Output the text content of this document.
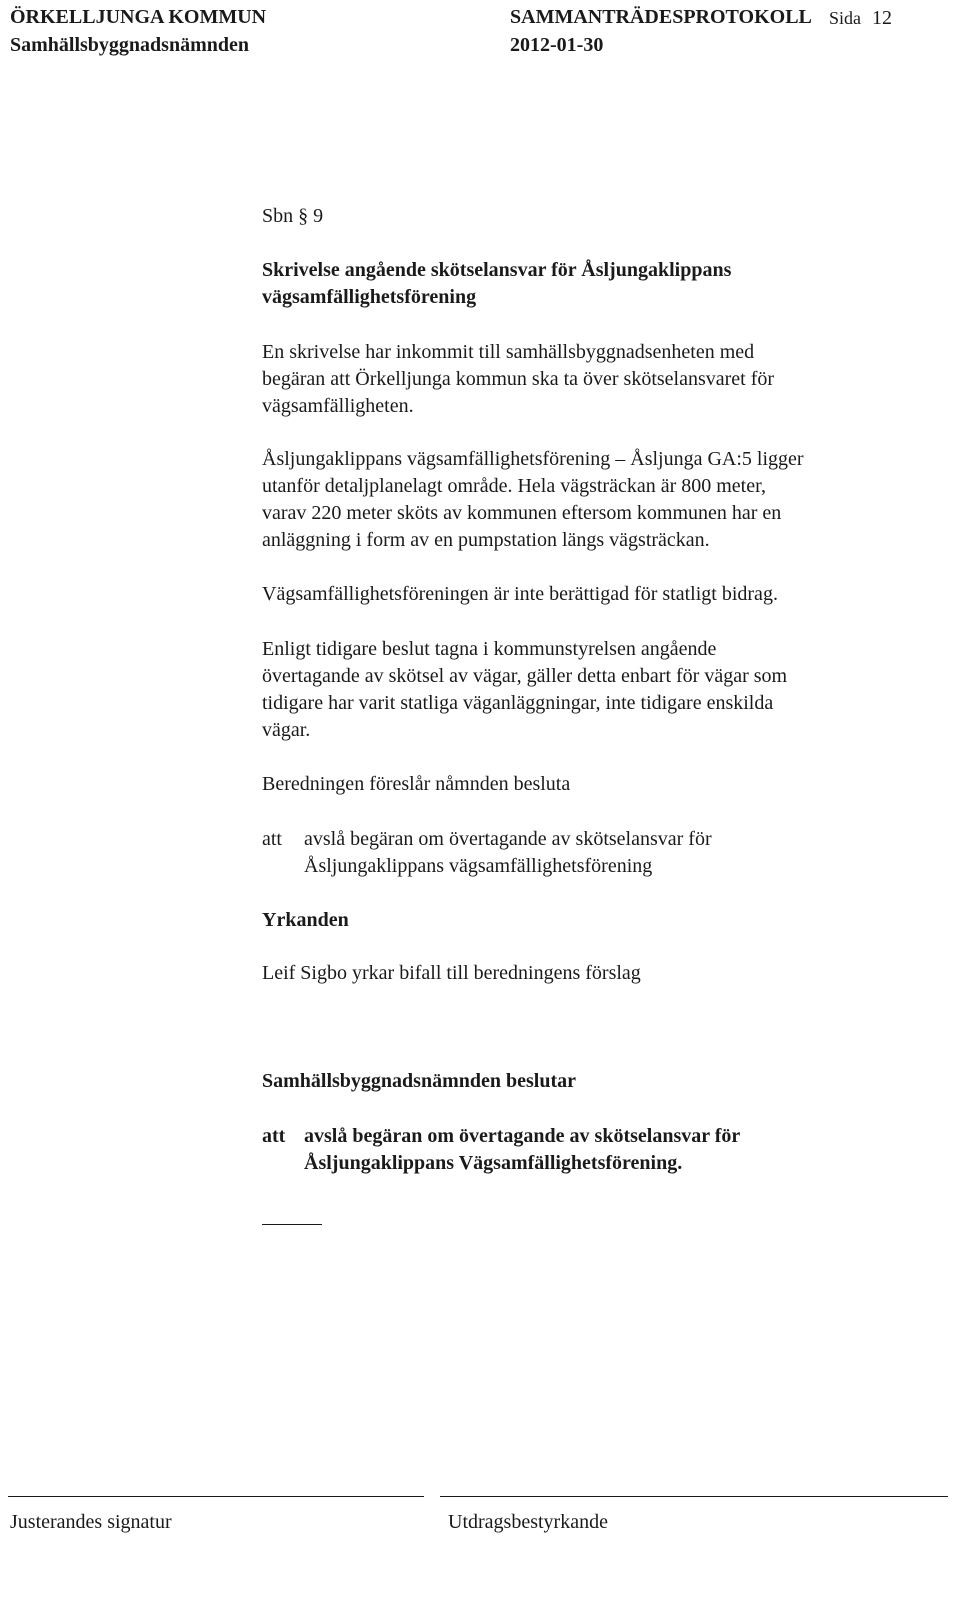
ÖRKELLJUNGA KOMMUN
Samhällsbyggnadsnämnden
SAMMANTRÄDESPROTOKOLL
2012-01-30
Sida 12
Sbn § 9
Skrivelse angående skötselansvar för Åsljungaklippans
vägsamfällighetsförening
En skrivelse har inkommit till samhällsbyggnadsenheten med
begäran att Örkelljunga kommun ska ta över skötselansvaret för
vägsamfälligheten.
Åsljungaklippans vägsamfällighetsförening – Åsljunga GA:5 ligger
utanför detaljplanelagt område. Hela vägsträckan är 800 meter,
varav 220 meter sköts av kommunen eftersom kommunen har en
anläggning i form av en pumpstation längs vägsträckan.
Vägsamfällighetsföreningen är inte berättigad för statligt bidrag.
Enligt tidigare beslut tagna i kommunstyrelsen angående
övertagande av skötsel av vägar, gäller detta enbart för vägar som
tidigare har varit statliga väganläggningar, inte tidigare enskilda
vägar.
Beredningen föreslår nåmnden besluta
att avslå begäran om övertagande av skötselansvar för
Åsljungaklippans vägsamfällighetsförening
Yrkanden
Leif Sigbo yrkar bifall till beredningens förslag
Samhällsbyggnadsnämnden beslutar
att avslå begäran om övertagande av skötselansvar för
Åsljungaklippans Vägsamfällighetsförening.
Justerandes signatur	Utdragsbestyrkande
